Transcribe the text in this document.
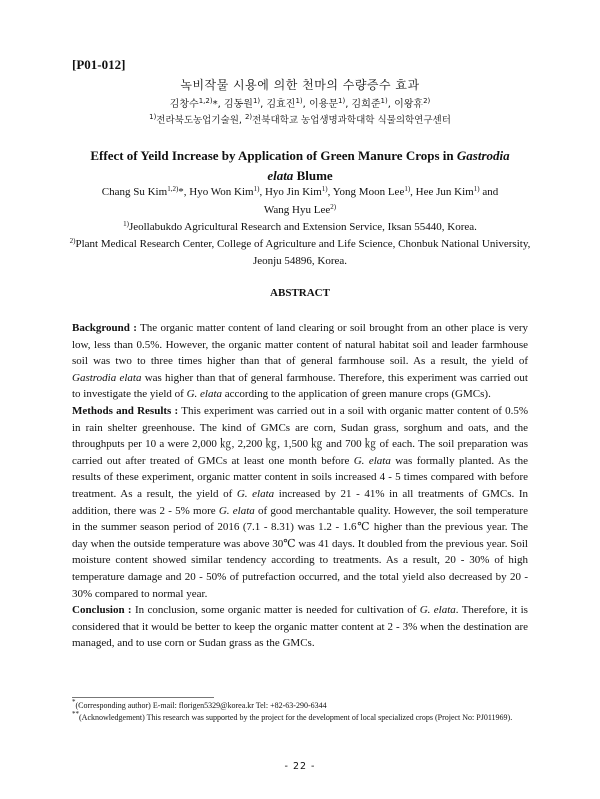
[P01-012]
녹비작물 시용에 의한 천마의 수량증수 효과
김창수$^{1,2)}$*, 김동원$^{1)}$, 김효진$^{1)}$, 이용문$^{1)}$, 김희준$^{1)}$, 이왕휴$^{2)}$
$^{1)}$전라북도농업기술원, $^{2)}$전북대학교 농업생명과학대학 식물의학연구센터
Effect of Yeild Increase by Application of Green Manure Crops in Gastrodia
elata Blume
Chang Su Kim$^{1,2)}$*, Hyo Won Kim$^{1)}$, Hyo Jin Kim$^{1)}$, Yong Moon Lee$^{1)}$, Hee Jun Kim$^{1)}$ and
Wang Hyu Lee$^{2)}$
$^{1)}$Jeollabukdo Agricultural Research and Extension Service, Iksan 55440, Korea.
$^{2)}$Plant Medical Research Center, College of Agriculture and Life Science, Chonbuk National University, Jeonju 54896, Korea.
ABSTRACT

Background : The organic matter content of land clearing or soil brought from an other place is very low, less than 0.5%. However, the organic matter content of natural habitat soil and leader farmhouse soil was two to three times higher than that of general farmhouse soil. As a result, the yield of Gastrodia elata was higher than that of general farmhouse. Therefore, this experiment was carried out to investigate the yield of G. elata according to the application of green manure crops (GMCs).

Methods and Results : This experiment was carried out in a soil with organic matter content of 0.5% in rain shelter greenhouse. The kind of GMCs are corn, Sudan grass, sorghum and oats, and the throughputs per 10 a were 2,000 ㎏, 2,200 ㎏, 1,500 ㎏ and 700 ㎏ of each. The soil preparation was carried out after treated of GMCs at least one month before G. elata was formally planted. As the results of these experiment, organic matter content in soils increased 4 - 5 times compared with before treatment. As a result, the yield of G. elata increased by 21 - 41% in all treatments of GMCs. In addition, there was 2 - 5% more G. elata of good merchantable quality. However, the soil temperature in the summer season period of 2016 (7.1 - 8.31) was 1.2 - 1.6℃ higher than the previous year. The day when the outside temperature was above 30℃ was 41 days. It doubled from the previous year. Soil moisture content showed similar tendency according to treatments. As a result, 20 - 30% of high temperature damage and 20 - 50% of putrefaction occurred, and the total yield also decreased by 20 - 30% compared to normal year.

Conclusion : In conclusion, some organic matter is needed for cultivation of G. elata. Therefore, it is considered that it would be better to keep the organic matter content at 2 - 3% when the destination are managed, and to use corn or Sudan grass as the GMCs.

*(Corresponding author) E-mail: florigen5329@korea.kr Tel: +82-63-290-6344

**(Acknowledgement) This research was supported by the project for the development of local specialized crops (Project No: PJ011969).

- 22 -
